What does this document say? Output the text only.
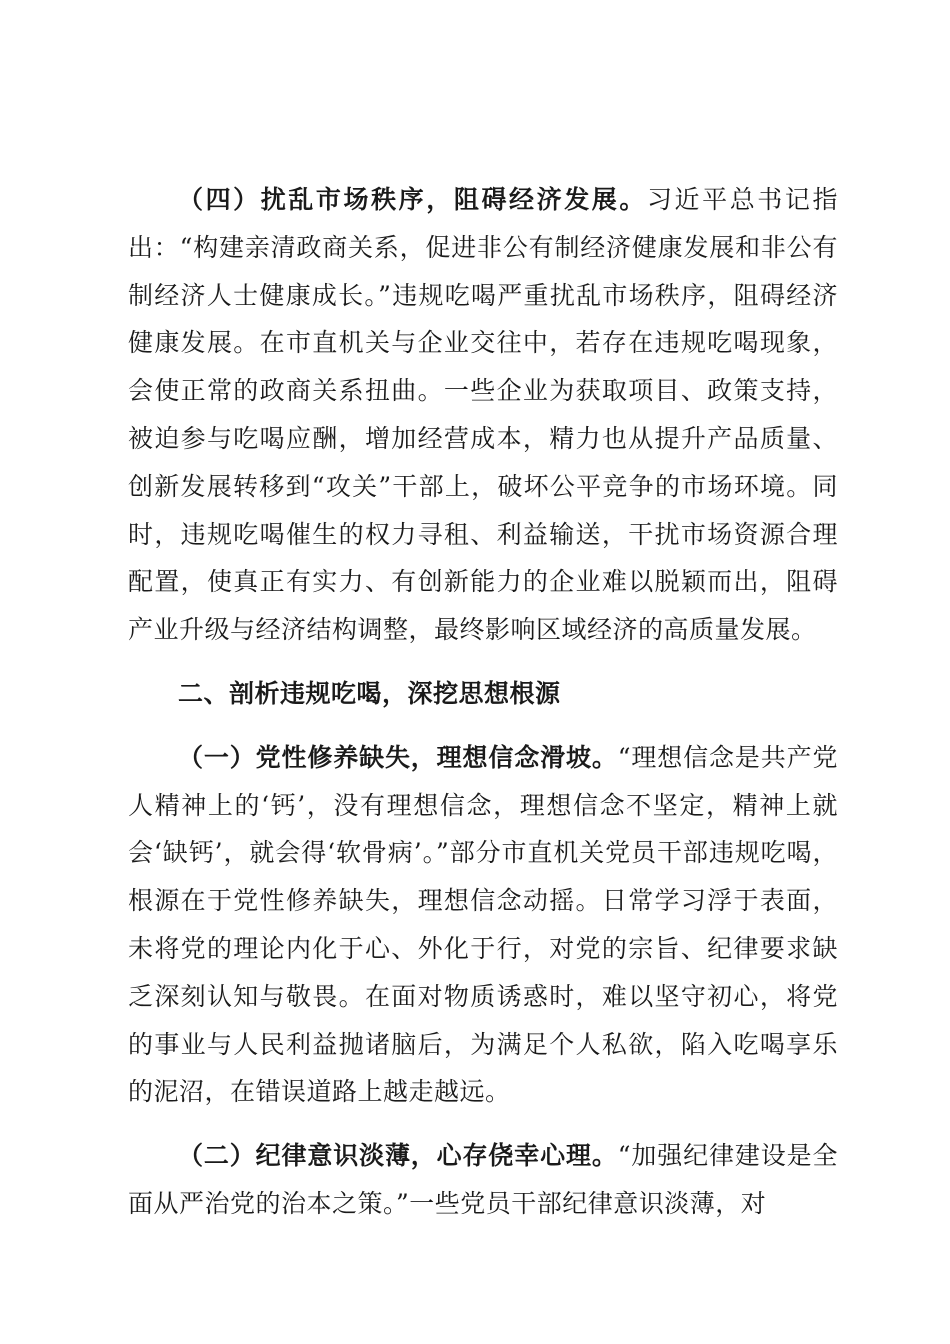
（四）扰乱市场秩序，阻碍经济发展。习近平总书记指出：“构建亲清政商关系，促进非公有制经济健康发展和非公有制经济人士健康成长。”违规吃喝严重扰乱市场秩序，阻碍经济健康发展。在市直机关与企业交往中，若存在违规吃喝现象，会使正常的政商关系扭曲。一些企业为获取项目、政策支持，被迫参与吃喝应酬，增加经营成本，精力也从提升产品质量、创新发展转移到“攻关”干部上，破坏公平竞争的市场环境。同时，违规吃喝催生的权力寻租、利益输送，干扰市场资源合理配置，使真正有实力、有创新能力的企业难以脱颖而出，阻碍产业升级与经济结构调整，最终影响区域经济的高质量发展。

二、剖析违规吃喝，深挖思想根源

（一）党性修养缺失，理想信念滑坡。“理想信念是共产党人精神上的‘钙’，没有理想信念，理想信念不坚定，精神上就会‘缺钙’，就会得‘软骨病’。”部分市直机关党员干部违规吃喝，根源在于党性修养缺失，理想信念动摇。日常学习浮于表面，未将党的理论内化于心、外化于行，对党的宗旨、纪律要求缺乏深刻认知与敬畏。在面对物质诱惑时，难以坚守初心，将党的事业与人民利益抛诸脑后，为满足个人私欲，陷入吃喝享乐的泥沼，在错误道路上越走越远。

（二）纪律意识淡薄，心存侥幸心理。“加强纪律建设是全面从严治党的治本之策。”一些党员干部纪律意识淡薄，对
